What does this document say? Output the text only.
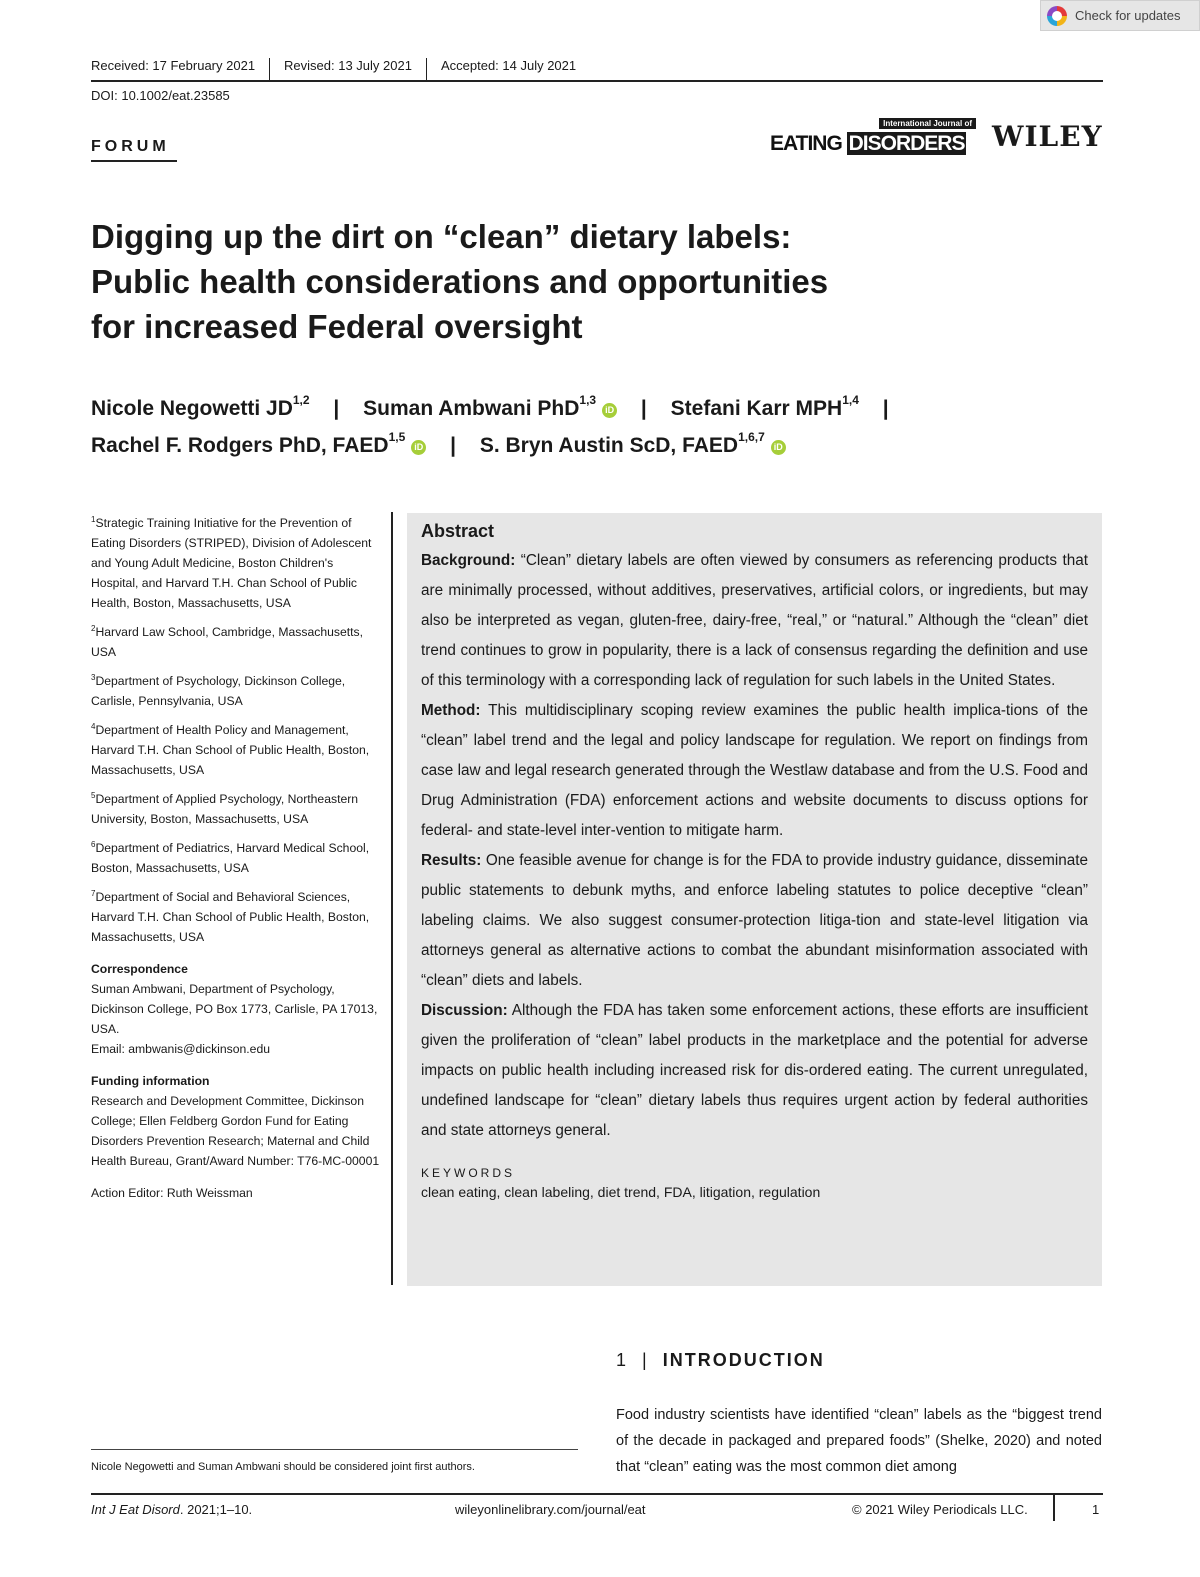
Check for updates
Received: 17 February 2021	Revised: 13 July 2021	Accepted: 14 July 2021
DOI: 10.1002/eat.23585
FORUM
International Journal of
EATING DISORDERS WILEY
Digging up the dirt on “clean” dietary labels:
Public health considerations and opportunities
for increased Federal oversight
Nicole Negowetti JD$^{1,2}$ | Suman Ambwani PhD$^{1,3}$iD | Stefani Karr MPH$^{1,4}$ |
Rachel F. Rodgers PhD, FAED$^{1,5}$iD | S. Bryn Austin ScD, FAED$^{1,6,7}$iD
$^1$Strategic Training Initiative for the Prevention of Eating Disorders (STRIPED), Division of Adolescent and Young Adult Medicine, Boston Children's Hospital, and Harvard T.H. Chan School of Public Health, Boston, Massachusetts, USA
$^2$Harvard Law School, Cambridge, Massachusetts, USA
$^3$Department of Psychology, Dickinson College, Carlisle, Pennsylvania, USA
$^4$Department of Health Policy and Management, Harvard T.H. Chan School of Public Health, Boston, Massachusetts, USA
$^5$Department of Applied Psychology, Northeastern University, Boston, Massachusetts, USA
$^6$Department of Pediatrics, Harvard Medical School, Boston, Massachusetts, USA
$^7$Department of Social and Behavioral Sciences, Harvard T.H. Chan School of Public Health, Boston, Massachusetts, USA
Correspondence
Suman Ambwani, Department of Psychology, Dickinson College, PO Box 1773, Carlisle, PA 17013, USA.
Email: ambwanis@dickinson.edu
Funding information
Research and Development Committee, Dickinson College; Ellen Feldberg Gordon Fund for Eating Disorders Prevention Research; Maternal and Child Health Bureau, Grant/Award Number: T76-MC-00001
Action Editor: Ruth Weissman
Abstract

Background: “Clean” dietary labels are often viewed by consumers as referencing products that are minimally processed, without additives, preservatives, artificial colors, or ingredients, but may also be interpreted as vegan, gluten-free, dairy-free, “real,” or “natural.” Although the “clean” diet trend continues to grow in popularity, there is a lack of consensus regarding the definition and use of this terminology with a corresponding lack of regulation for such labels in the United States.

Method: This multidisciplinary scoping review examines the public health implica-tions of the “clean” label trend and the legal and policy landscape for regulation. We report on findings from case law and legal research generated through the Westlaw database and from the U.S. Food and Drug Administration (FDA) enforcement actions and website documents to discuss options for federal- and state-level inter-vention to mitigate harm.

Results: One feasible avenue for change is for the FDA to provide industry guidance, disseminate public statements to debunk myths, and enforce labeling statutes to police deceptive “clean” labeling claims. We also suggest consumer-protection litiga-tion and state-level litigation via attorneys general as alternative actions to combat the abundant misinformation associated with “clean” diets and labels.

Discussion: Although the FDA has taken some enforcement actions, these efforts are insufficient given the proliferation of “clean” label products in the marketplace and the potential for adverse impacts on public health including increased risk for dis-ordered eating. The current unregulated, undefined landscape for “clean” dietary labels thus requires urgent action by federal authorities and state attorneys general.

KEYWORDS
clean eating, clean labeling, diet trend, FDA, litigation, regulation
1 | INTRODUCTION
Food industry scientists have identified “clean” labels as the “biggest trend of the decade in packaged and prepared foods” (Shelke, 2020) and noted that “clean” eating was the most common diet among
Nicole Negowetti and Suman Ambwani should be considered joint first authors.
Int J Eat Disord. 2021;1–10.	wileyonlinelibrary.com/journal/eat	© 2021 Wiley Periodicals LLC.	1
